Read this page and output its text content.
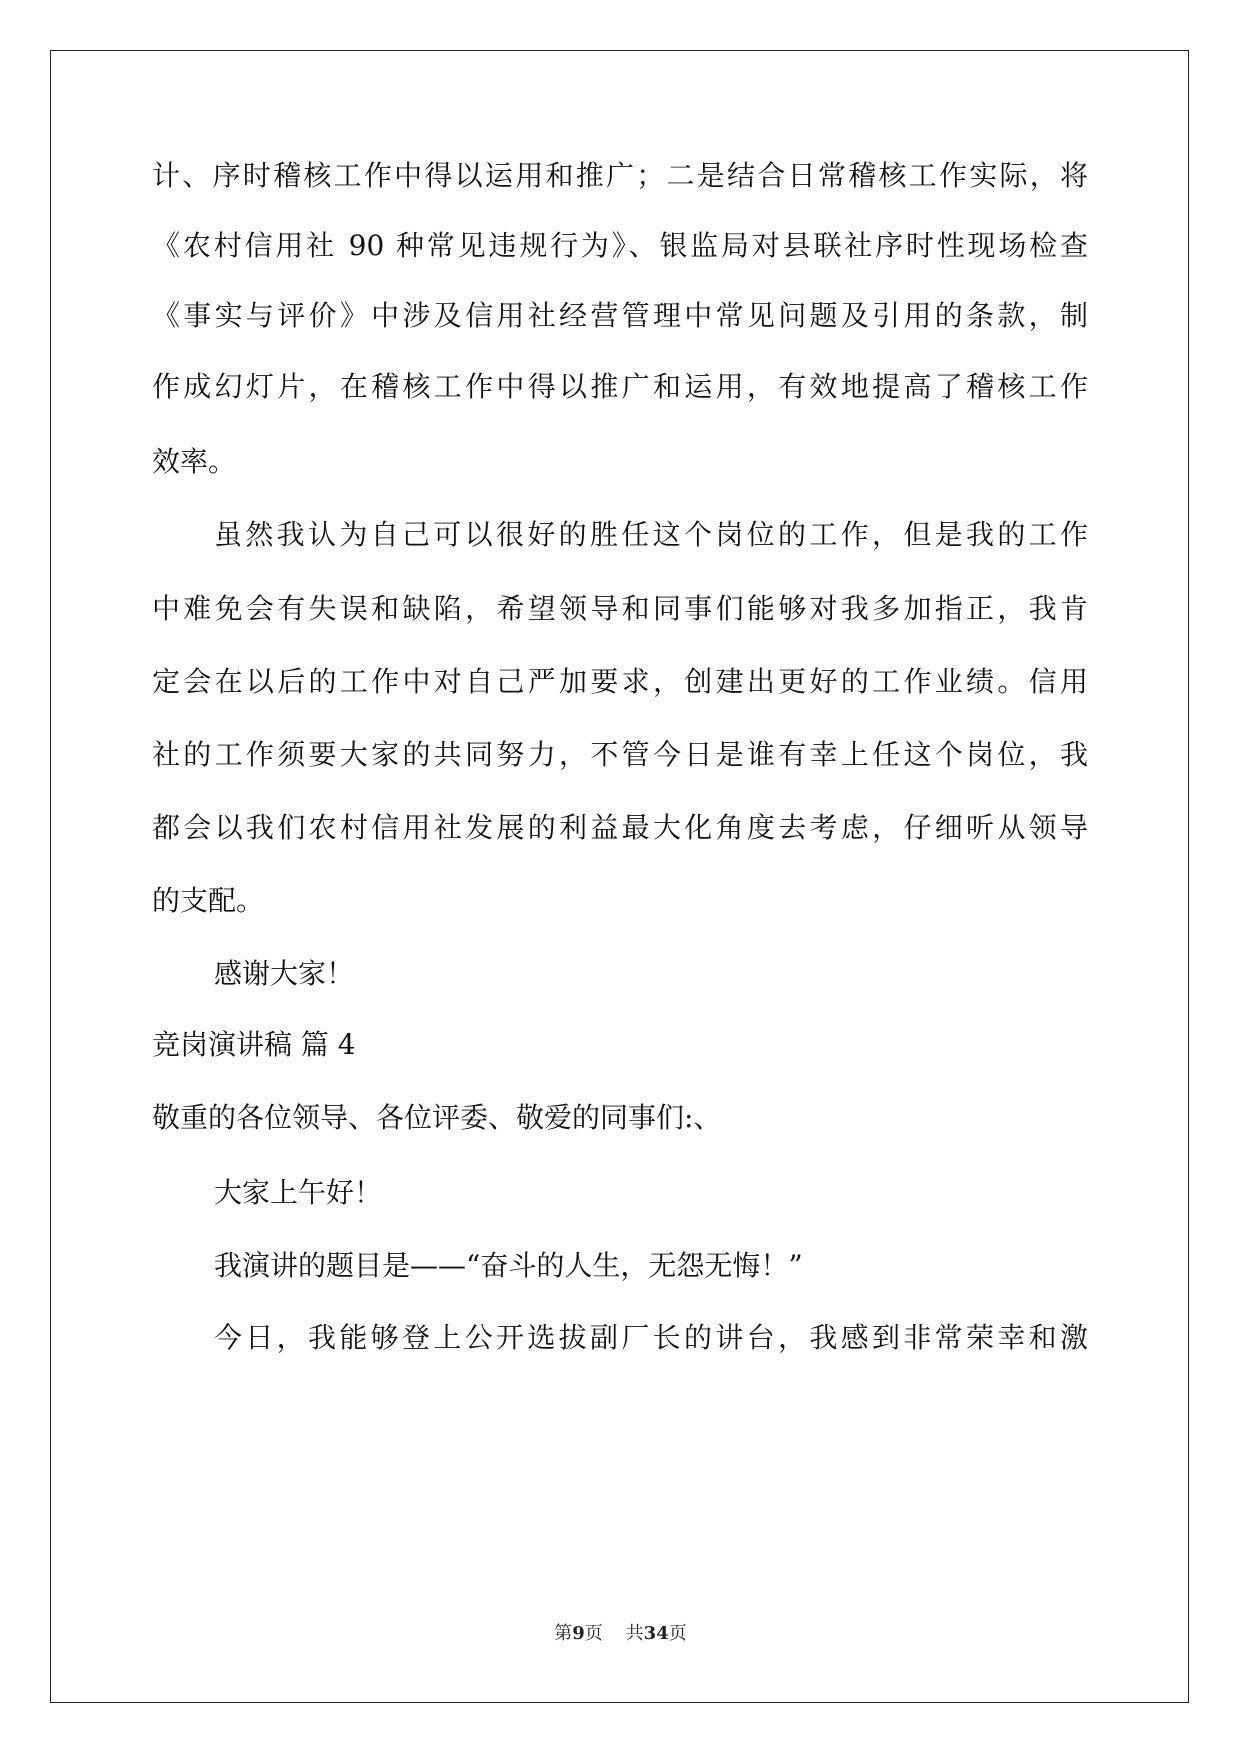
计、序时稽核工作中得以运用和推广；二是结合日常稽核工作实际，将
《农村信用社 90 种常见违规行为》、银监局对县联社序时性现场检查
《事实与评价》中涉及信用社经营管理中常见问题及引用的条款，制
作成幻灯片，在稽核工作中得以推广和运用，有效地提高了稽核工作
效率。
虽然我认为自己可以很好的胜任这个岗位的工作，但是我的工作
中难免会有失误和缺陷，希望领导和同事们能够对我多加指正，我肯
定会在以后的工作中对自己严加要求，创建出更好的工作业绩。信用
社的工作须要大家的共同努力，不管今日是谁有幸上任这个岗位，我
都会以我们农村信用社发展的利益最大化角度去考虑，仔细听从领导
的支配。
感谢大家！
竞岗演讲稿 篇 4
敬重的各位领导、各位评委、敬爱的同事们:、
大家上午好！
我演讲的题目是——“奋斗的人生，无怨无悔！”
今日，我能够登上公开选拔副厂长的讲台，我感到非常荣幸和激
第9页 共34页
